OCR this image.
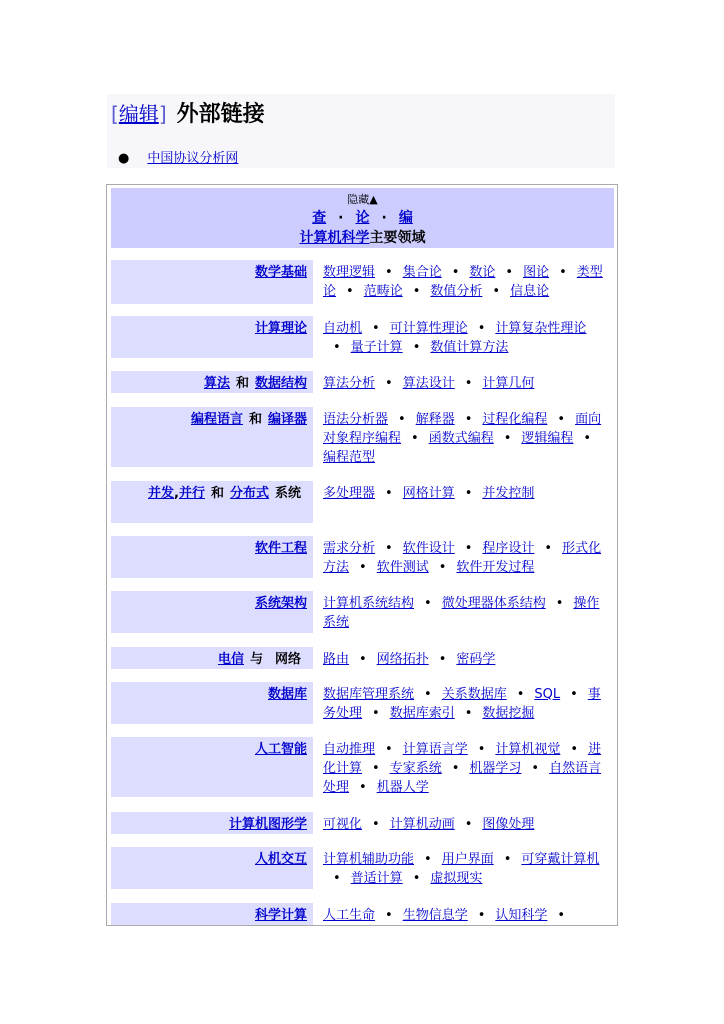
[编辑] 外部链接
● 中国协议分析网
隐藏▲
查 · 论 · 编
计算机科学主要领域
数学基础	数理逻辑 • 集合论 • 数论 • 图论 • 类型论 • 范畴论 • 数值分析 • 信息论
计算理论	自动机 • 可计算性理论 • 计算复杂性理论• 量子计算 • 数值计算方法
算法 和 数据结构	算法分析 • 算法设计 • 计算几何
编程语言 和 编译器	语法分析器 • 解释器 • 过程化编程 • 面向对象程序编程 • 函数式编程 • 逻辑编程 •编程范型
并发,并行 和 分布式 系统	多处理器 • 网格计算 • 并发控制
软件工程	需求分析 • 软件设计 • 程序设计 • 形式化方法 • 软件测试 • 软件开发过程
系统架构	计算机系统结构 • 微处理器体系结构 • 操作系统
电信 与 网络	路由 • 网络拓扑 • 密码学
数据库	数据库管理系统 • 关系数据库 • SQL • 事务处理 • 数据库索引 • 数据挖掘
人工智能	自动推理 • 计算语言学 • 计算机视觉 • 进化计算 • 专家系统 • 机器学习 • 自然语言处理 • 机器人学
计算机图形学	可视化 • 计算机动画 • 图像处理
人机交互	计算机辅助功能 • 用户界面 • 可穿戴计算机• 普适计算 • 虚拟现实
科学计算	人工生命 • 生物信息学 • 认知科学 •
